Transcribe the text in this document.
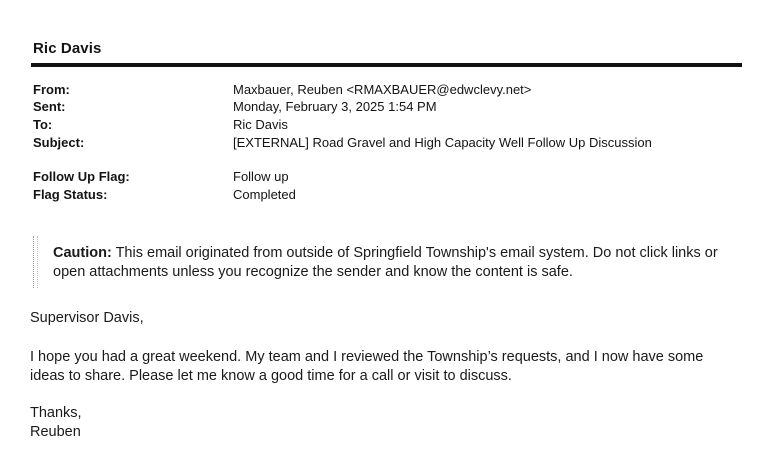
Ric Davis
From:	Maxbauer, Reuben <RMAXBAUER@edwclevy.net>
Sent:	Monday, February 3, 2025 1:54 PM
To:	Ric Davis
Subject:	[EXTERNAL] Road Gravel and High Capacity Well Follow Up Discussion
Follow Up Flag:	Follow up
Flag Status:	Completed
Caution: This email originated from outside of Springfield Township's email system. Do not click links or open attachments unless you recognize the sender and know the content is safe.
Supervisor Davis,
I hope you had a great weekend. My team and I reviewed the Township’s requests, and I now have some
ideas to share. Please let me know a good time for a call or visit to discuss.
Thanks,
Reuben
